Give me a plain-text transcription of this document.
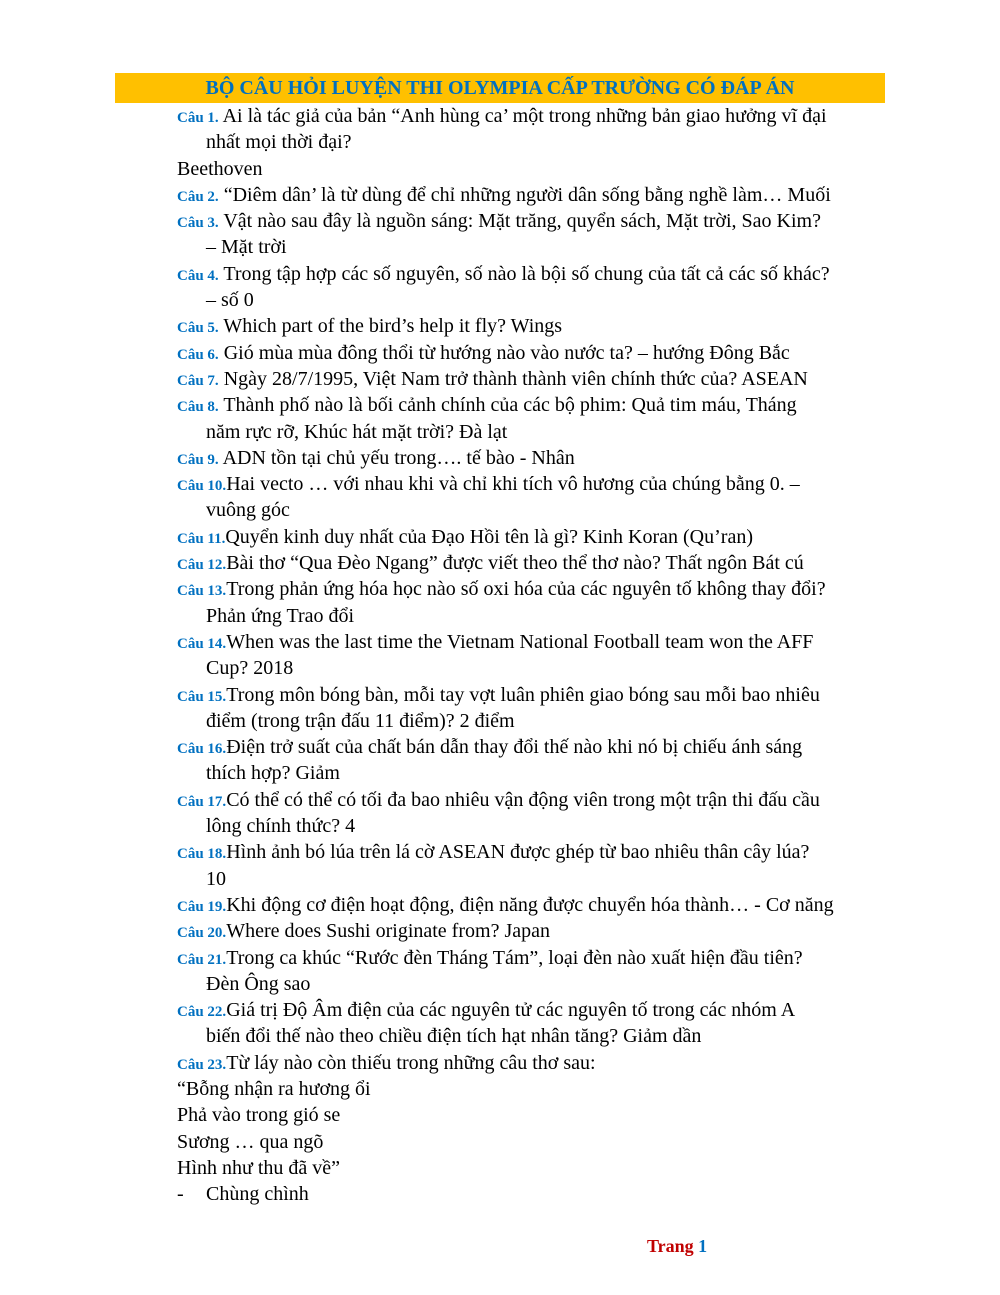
BỘ CÂU HỎI LUYỆN THI OLYMPIA CẤP TRƯỜNG CÓ ĐÁP ÁN
Câu 1. Ai là tác giả của bản “Anh hùng ca’ một trong những bản giao hưởng vĩ đại
nhất mọi thời đại?
Beethoven
Câu 2. “Diêm dân’ là từ dùng để chỉ những người dân sống bằng nghề làm… Muối
Câu 3. Vật nào sau đây là nguồn sáng: Mặt trăng, quyển sách, Mặt trời, Sao Kim?
– Mặt trời
Câu 4. Trong tập hợp các số nguyên, số nào là bội số chung của tất cả các số khác?
– số 0
Câu 5. Which part of the bird’s help it fly? Wings
Câu 6. Gió mùa mùa đông thổi từ hướng nào vào nước ta? – hướng Đông Bắc
Câu 7. Ngày 28/7/1995, Việt Nam trở thành thành viên chính thức của? ASEAN
Câu 8. Thành phố nào là bối cảnh chính của các bộ phim: Quả tim máu, Tháng
năm rực rỡ, Khúc hát mặt trời? Đà lạt
Câu 9. ADN tồn tại chủ yếu trong…. tế bào - Nhân
Câu 10.Hai vecto … với nhau khi và chỉ khi tích vô hương của chúng bằng 0. –
vuông góc
Câu 11.Quyển kinh duy nhất của Đạo Hồi tên là gì? Kinh Koran (Qu’ran)
Câu 12.Bài thơ “Qua Đèo Ngang” được viết theo thể thơ nào? Thất ngôn Bát cú
Câu 13.Trong phản ứng hóa học nào số oxi hóa của các nguyên tố không thay đổi?
Phản ứng Trao đổi
Câu 14.When was the last time the Vietnam National Football team won the AFF
Cup? 2018
Câu 15.Trong môn bóng bàn, mỗi tay vợt luân phiên giao bóng sau mỗi bao nhiêu
điểm (trong trận đấu 11 điểm)? 2 điểm
Câu 16.Điện trở suất của chất bán dẫn thay đổi thế nào khi nó bị chiếu ánh sáng
thích hợp? Giảm
Câu 17.Có thể có thể có tối đa bao nhiêu vận động viên trong một trận thi đấu cầu
lông chính thức? 4
Câu 18.Hình ảnh bó lúa trên lá cờ ASEAN được ghép từ bao nhiêu thân cây lúa?
10
Câu 19.Khi động cơ điện hoạt động, điện năng được chuyển hóa thành… - Cơ năng
Câu 20.Where does Sushi originate from? Japan
Câu 21.Trong ca khúc “Rước đèn Tháng Tám”, loại đèn nào xuất hiện đầu tiên?
Đèn Ông sao
Câu 22.Giá trị Độ Âm điện của các nguyên tử các nguyên tố trong các nhóm A
biến đổi thế nào theo chiều điện tích hạt nhân tăng? Giảm dần
Câu 23.Từ láy nào còn thiếu trong những câu thơ sau:
“Bỗng nhận ra hương ổi
Phả vào trong gió se
Sương … qua ngõ
Hình như thu đã về”
- Chùng chình
Trang 1
